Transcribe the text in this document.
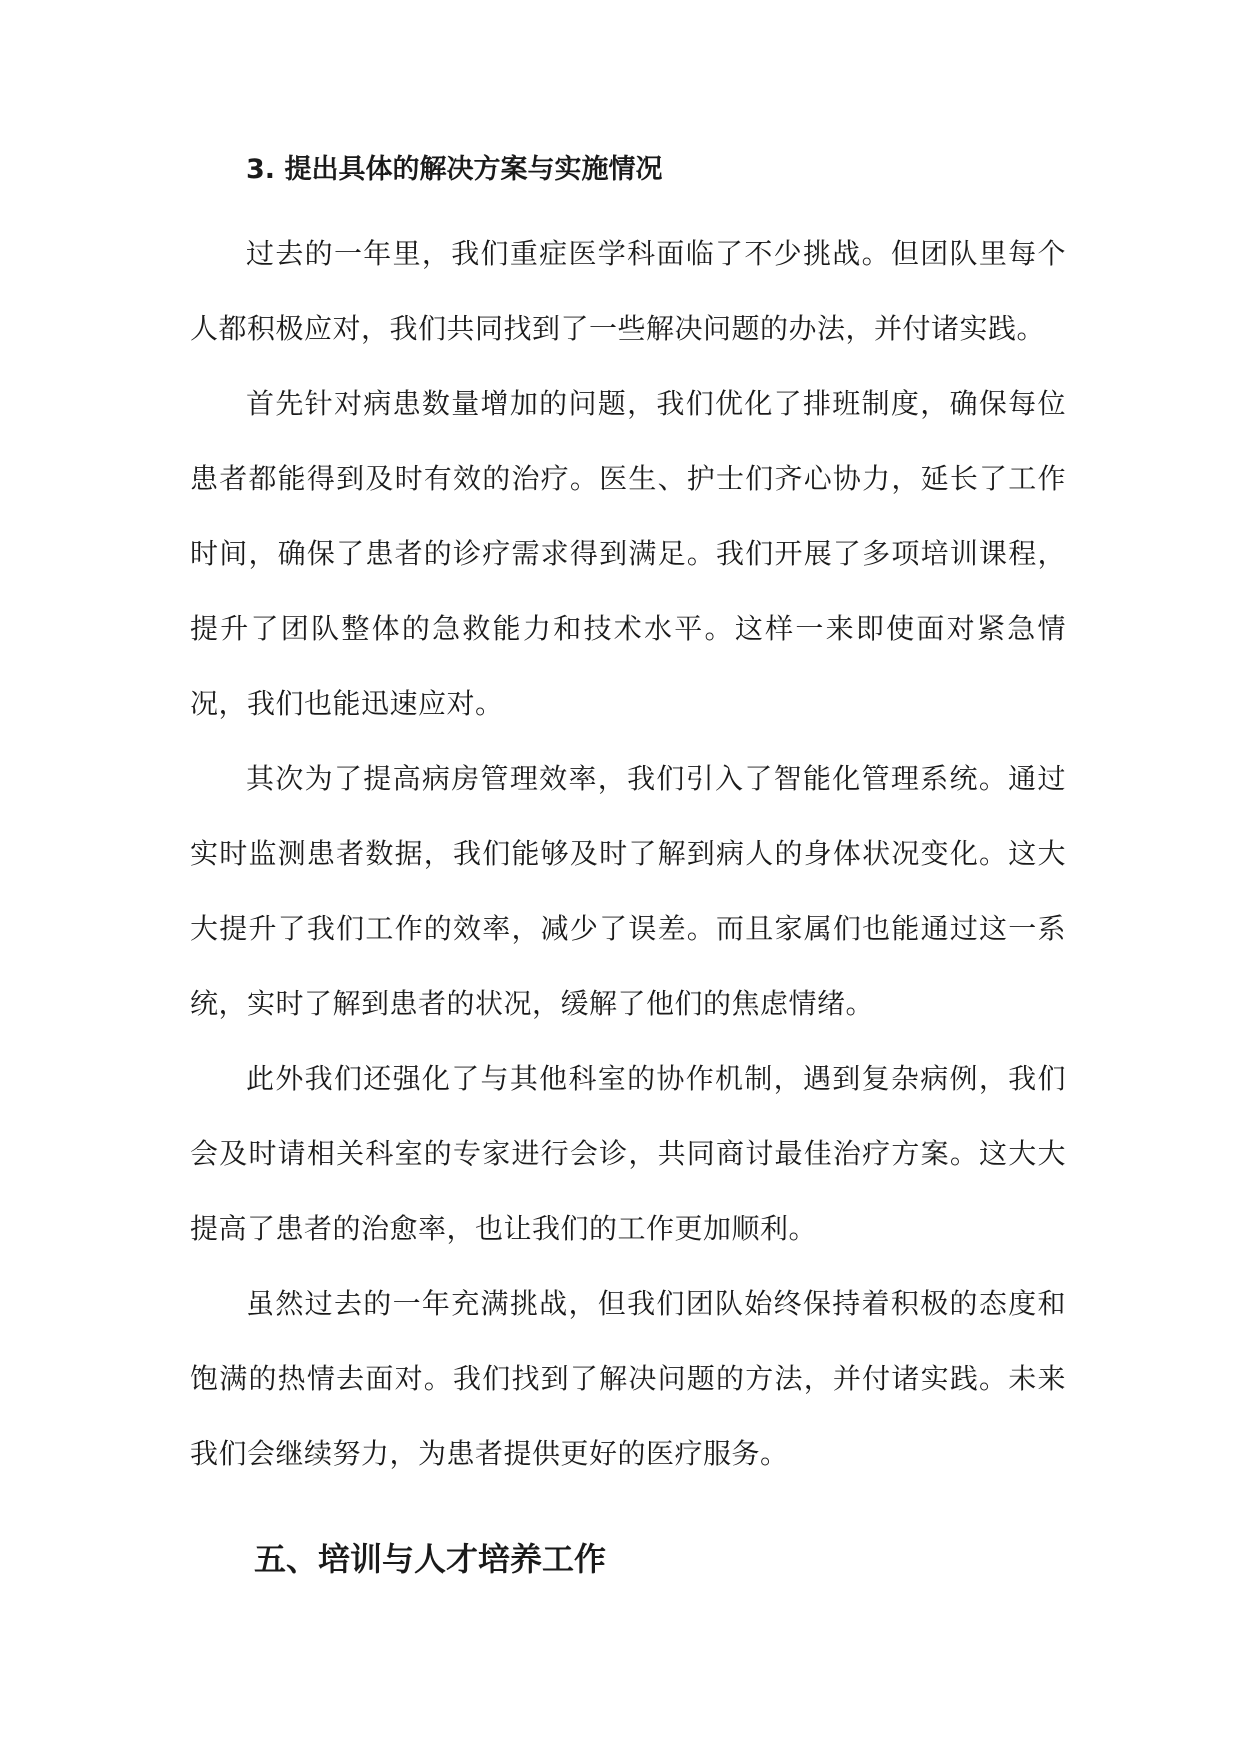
3. 提出具体的解决方案与实施情况

过去的一年里，我们重症医学科面临了不少挑战。但团队里每个人都积极应对，我们共同找到了一些解决问题的办法，并付诸实践。

首先针对病患数量增加的问题，我们优化了排班制度，确保每位患者都能得到及时有效的治疗。医生、护士们齐心协力，延长了工作时间，确保了患者的诊疗需求得到满足。我们开展了多项培训课程，提升了团队整体的急救能力和技术水平。这样一来即使面对紧急情况，我们也能迅速应对。

其次为了提高病房管理效率，我们引入了智能化管理系统。通过实时监测患者数据，我们能够及时了解到病人的身体状况变化。这大大提升了我们工作的效率，减少了误差。而且家属们也能通过这一系统，实时了解到患者的状况，缓解了他们的焦虑情绪。

此外我们还强化了与其他科室的协作机制，遇到复杂病例，我们会及时请相关科室的专家进行会诊，共同商讨最佳治疗方案。这大大提高了患者的治愈率，也让我们的工作更加顺利。

虽然过去的一年充满挑战，但我们团队始终保持着积极的态度和饱满的热情去面对。我们找到了解决问题的方法，并付诸实践。未来我们会继续努力，为患者提供更好的医疗服务。

五、培训与人才培养工作
